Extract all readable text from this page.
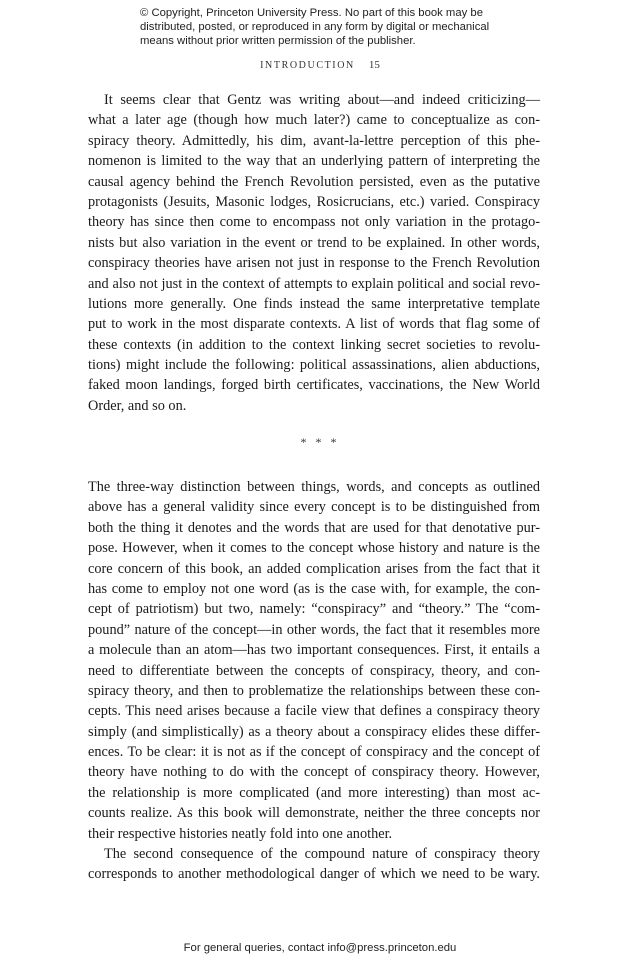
© Copyright, Princeton University Press. No part of this book may be
distributed, posted, or reproduced in any form by digital or mechanical
means without prior written permission of the publisher.
INTRODUCTION 15
It seems clear that Gentz was writing about—and indeed criticizing—
what a later age (though how much later?) came to conceptualize as con-
spiracy theory. Admittedly, his dim, avant-la-lettre perception of this phe-
nomenon is limited to the way that an underlying pattern of interpreting the
causal agency behind the French Revolution persisted, even as the putative
protagonists (Jesuits, Masonic lodges, Rosicrucians, etc.) varied. Conspiracy
theory has since then come to encompass not only variation in the protago-
nists but also variation in the event or trend to be explained. In other words,
conspiracy theories have arisen not just in response to the French Revolution
and also not just in the context of attempts to explain political and social revo-
lutions more generally. One finds instead the same interpretative template
put to work in the most disparate contexts. A list of words that flag some of
these contexts (in addition to the context linking secret societies to revolu-
tions) might include the following: political assassinations, alien abductions,
faked moon landings, forged birth certificates, vaccinations, the New World
Order, and so on.
* * *
The three-way distinction between things, words, and concepts as outlined
above has a general validity since every concept is to be distinguished from
both the thing it denotes and the words that are used for that denotative pur-
pose. However, when it comes to the concept whose history and nature is the
core concern of this book, an added complication arises from the fact that it
has come to employ not one word (as is the case with, for example, the con-
cept of patriotism) but two, namely: “conspiracy” and “theory.” The “com-
pound” nature of the concept—in other words, the fact that it resembles more
a molecule than an atom—has two important consequences. First, it entails a
need to differentiate between the concepts of conspiracy, theory, and con-
spiracy theory, and then to problematize the relationships between these con-
cepts. This need arises because a facile view that defines a conspiracy theory
simply (and simplistically) as a theory about a conspiracy elides these differ-
ences. To be clear: it is not as if the concept of conspiracy and the concept of
theory have nothing to do with the concept of conspiracy theory. However,
the relationship is more complicated (and more interesting) than most ac-
counts realize. As this book will demonstrate, neither the three concepts nor
their respective histories neatly fold into one another.
The second consequence of the compound nature of conspiracy theory
corresponds to another methodological danger of which we need to be wary.
For general queries, contact info@press.princeton.edu
